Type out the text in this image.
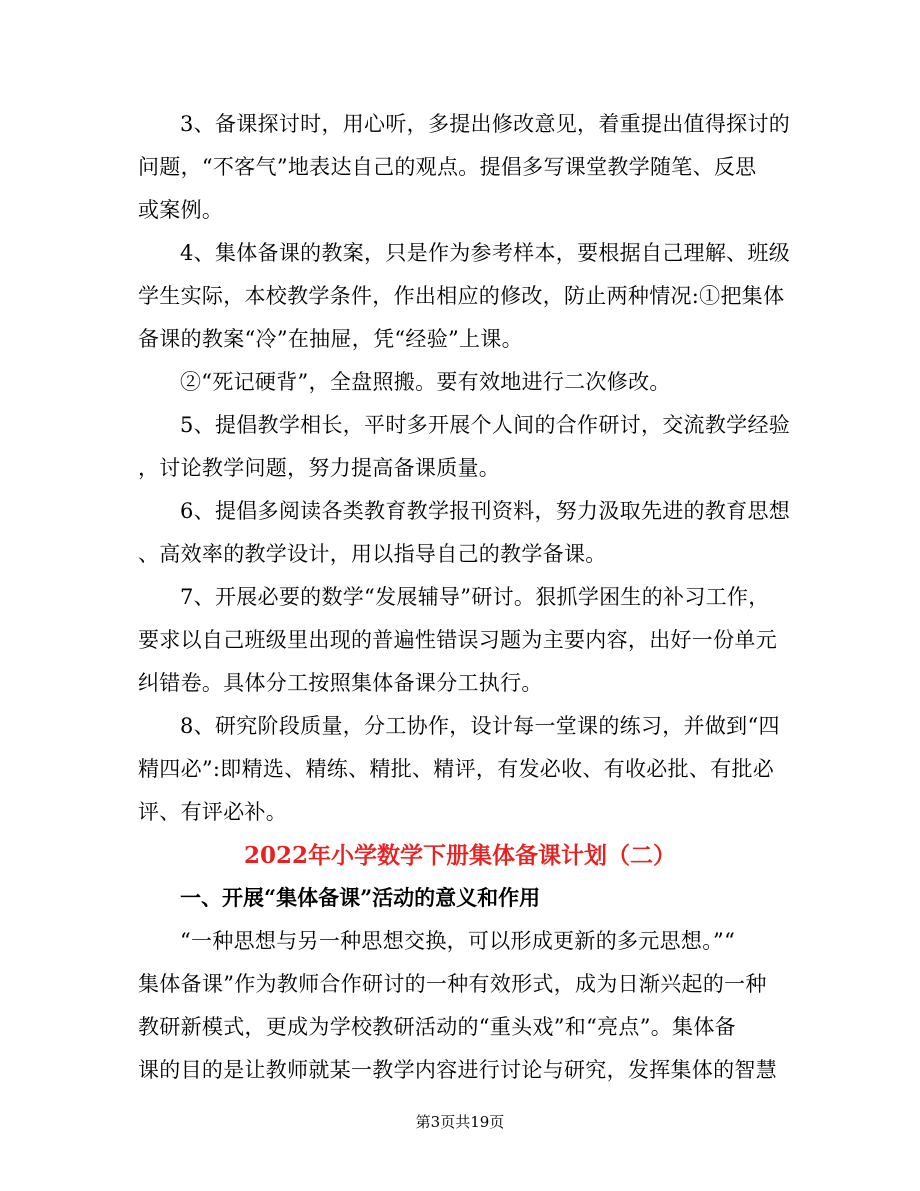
3、备课探讨时，用心听，多提出修改意见，着重提出值得探讨的
问题，“不客气”地表达自己的观点。提倡多写课堂教学随笔、反思
或案例。
4、集体备课的教案，只是作为参考样本，要根据自己理解、班级
学生实际，本校教学条件，作出相应的修改，防止两种情况:①把集体
备课的教案“冷”在抽屉，凭“经验”上课。
②“死记硬背”，全盘照搬。要有效地进行二次修改。
5、提倡教学相长，平时多开展个人间的合作研讨，交流教学经验
，讨论教学问题，努力提高备课质量。
6、提倡多阅读各类教育教学报刊资料，努力汲取先进的教育思想
、高效率的教学设计，用以指导自己的教学备课。
7、开展必要的数学“发展辅导”研讨。狠抓学困生的补习工作，
要求以自己班级里出现的普遍性错误习题为主要内容，出好一份单元
纠错卷。具体分工按照集体备课分工执行。
8、研究阶段质量，分工协作，设计每一堂课的练习，并做到“四
精四必”:即精选、精练、精批、精评，有发必收、有收必批、有批必
评、有评必补。
2022年小学数学下册集体备课计划（二）
一、开展“集体备课”活动的意义和作用
“一种思想与另一种思想交换，可以形成更新的多元思想。”“
集体备课”作为教师合作研讨的一种有效形式，成为日渐兴起的一种
教研新模式，更成为学校教研活动的“重头戏”和“亮点”。集体备
课的目的是让教师就某一教学内容进行讨论与研究，发挥集体的智慧
第3页共19页
